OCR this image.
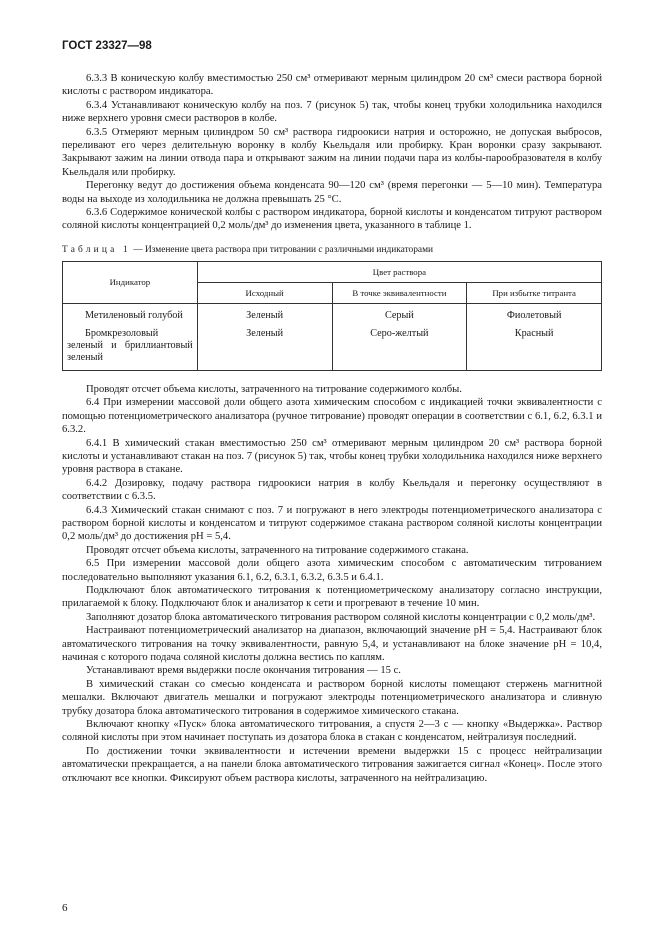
ГОСТ 23327—98

6.3.3 В коническую колбу вместимостью 250 см³ отмеривают мерным цилиндром 20 см³ смеси раствора борной кислоты с раствором индикатора.

6.3.4 Устанавливают коническую колбу на поз. 7 (рисунок 5) так, чтобы конец трубки холодильника находился ниже верхнего уровня смеси растворов в колбе.

6.3.5 Отмеряют мерным цилиндром 50 см³ раствора гидроокиси натрия и осторожно, не допуская выбросов, переливают его через делительную воронку в колбу Кьельдаля или пробирку. Кран воронки сразу закрывают. Закрывают зажим на линии отвода пара и открывают зажим на линии подачи пара из колбы-парообразователя в колбу Кьельдаля или пробирку.

Перегонку ведут до достижения объема конденсата 90—120 см³ (время перегонки — 5—10 мин). Температура воды на выходе из холодильника не должна превышать 25 °С.

6.3.6 Содержимое конической колбы с раствором индикатора, борной кислоты и конденсатом титруют раствором соляной кислоты концентрацией 0,2 моль/дм³ до изменения цвета, указанного в таблице 1.

Таблица 1 — Изменение цвета раствора при титровании с различными индикаторами
Индикатор	Цвет раствора		
	Исходный	В точке эквивалентности	При избытке титранта
Метиленовый голубой	Зеленый	Серый	Фиолетовый
Бромкрезоловый зеленый и бриллиантовый зеленый	Зеленый	Серо-желтый	Красный

Проводят отсчет объема кислоты, затраченного на титрование содержимого колбы.

6.4 При измерении массовой доли общего азота химическим способом с индикацией точки эквивалентности с помощью потенциометрического анализатора (ручное титрование) проводят операции в соответствии с 6.1, 6.2, 6.3.1 и 6.3.2.

6.4.1 В химический стакан вместимостью 250 см³ отмеривают мерным цилиндром 20 см³ раствора борной кислоты и устанавливают стакан на поз. 7 (рисунок 5) так, чтобы конец трубки холодильника находился ниже верхнего уровня раствора в стакане.

6.4.2 Дозировку, подачу раствора гидроокиси натрия в колбу Кьельдаля и перегонку осуществляют в соответствии с 6.3.5.

6.4.3 Химический стакан снимают с поз. 7 и погружают в него электроды потенциометрического анализатора с раствором борной кислоты и конденсатом и титруют содержимое стакана раствором соляной кислоты концентрации 0,2 моль/дм³ до достижения рН = 5,4.

Проводят отсчет объема кислоты, затраченного на титрование содержимого стакана.

6.5 При измерении массовой доли общего азота химическим способом с автоматическим титрованием последовательно выполняют указания 6.1, 6.2, 6.3.1, 6.3.2, 6.3.5 и 6.4.1.

Подключают блок автоматического титрования к потенциометрическому анализатору согласно инструкции, прилагаемой к блоку. Подключают блок и анализатор к сети и прогревают в течение 10 мин.

Заполняют дозатор блока автоматического титрования раствором соляной кислоты концентрации с 0,2 моль/дм³.

Настраивают потенциометрический анализатор на диапазон, включающий значение рН = 5,4. Настраивают блок автоматического титрования на точку эквивалентности, равную 5,4, и устанавливают на блоке значение рН = 10,4, начиная с которого подача соляной кислоты должна вестись по каплям.

Устанавливают время выдержки после окончания титрования — 15 с.

В химический стакан со смесью конденсата и раствором борной кислоты помещают стержень магнитной мешалки. Включают двигатель мешалки и погружают электроды потенциометрического анализатора и сливную трубку дозатора блока автоматического титрования в содержимое химического стакана.

Включают кнопку «Пуск» блока автоматического титрования, а спустя 2—3 с — кнопку «Выдержка». Раствор соляной кислоты при этом начинает поступать из дозатора блока в стакан с конденсатом, нейтрализуя последний.

По достижении точки эквивалентности и истечении времени выдержки 15 с процесс нейтрализации автоматически прекращается, а на панели блока автоматического титрования зажигается сигнал «Конец». После этого отключают все кнопки. Фиксируют объем раствора кислоты, затраченного на нейтрализацию.

6
